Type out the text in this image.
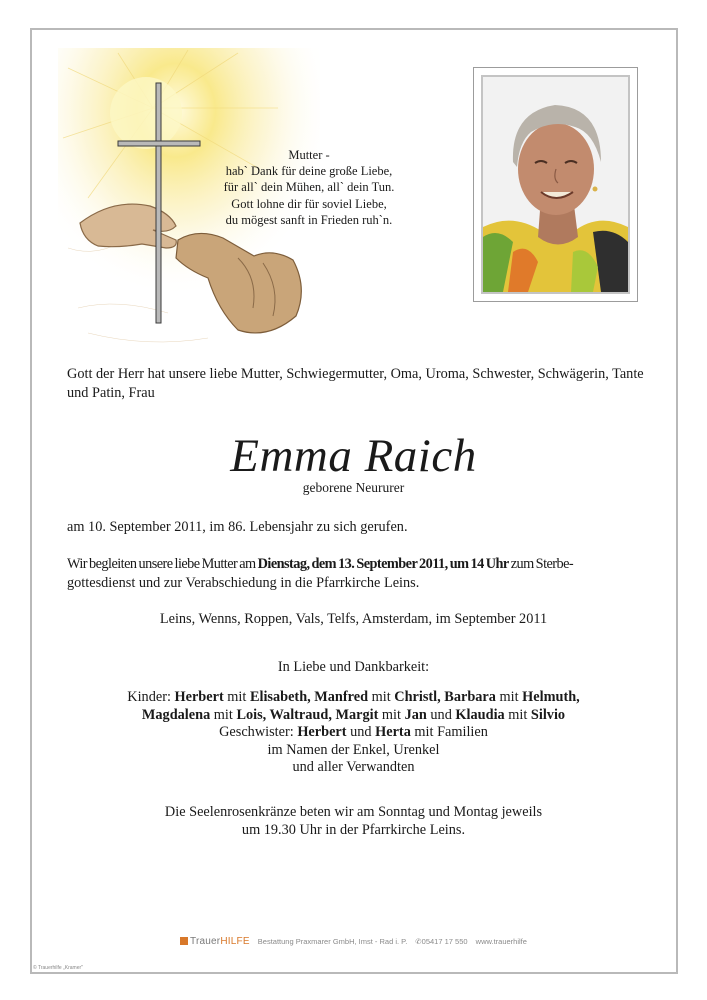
Mutter -
hab` Dank für deine große Liebe,
für all` dein Mühen, all` dein Tun.
Gott lohne dir für soviel Liebe,
du mögest sanft in Frieden ruh`n.
Gott der Herr hat unsere liebe Mutter, Schwiegermutter, Oma, Uroma, Schwester, Schwägerin, Tante und Patin, Frau
Emma Raich
geborene Neururer
am 10. September 2011, im 86. Lebensjahr zu sich gerufen.
Wir begleiten unsere liebe Mutter am Dienstag, dem 13. September 2011, um 14 Uhr zum Sterbe-
gottesdienst und zur Verabschiedung in die Pfarrkirche Leins.
Leins, Wenns, Roppen, Vals, Telfs, Amsterdam, im September 2011
In Liebe und Dankbarkeit:
Kinder: Herbert mit Elisabeth, Manfred mit Christl, Barbara mit Helmuth,
Magdalena mit Lois, Waltraud, Margit mit Jan und Klaudia mit Silvio
Geschwister: Herbert und Herta mit Familien
im Namen der Enkel, Urenkel
und aller Verwandten
Die Seelenrosenkränze beten wir am Sonntag und Montag jeweils
um 19.30 Uhr in der Pfarrkirche Leins.
TrauerHILFE Bestattung Praxmarer GmbH, Imst - Rad i. P. ✆05417 17 550 www.trauerhilfe
© Trauerhilfe „Kramer"
